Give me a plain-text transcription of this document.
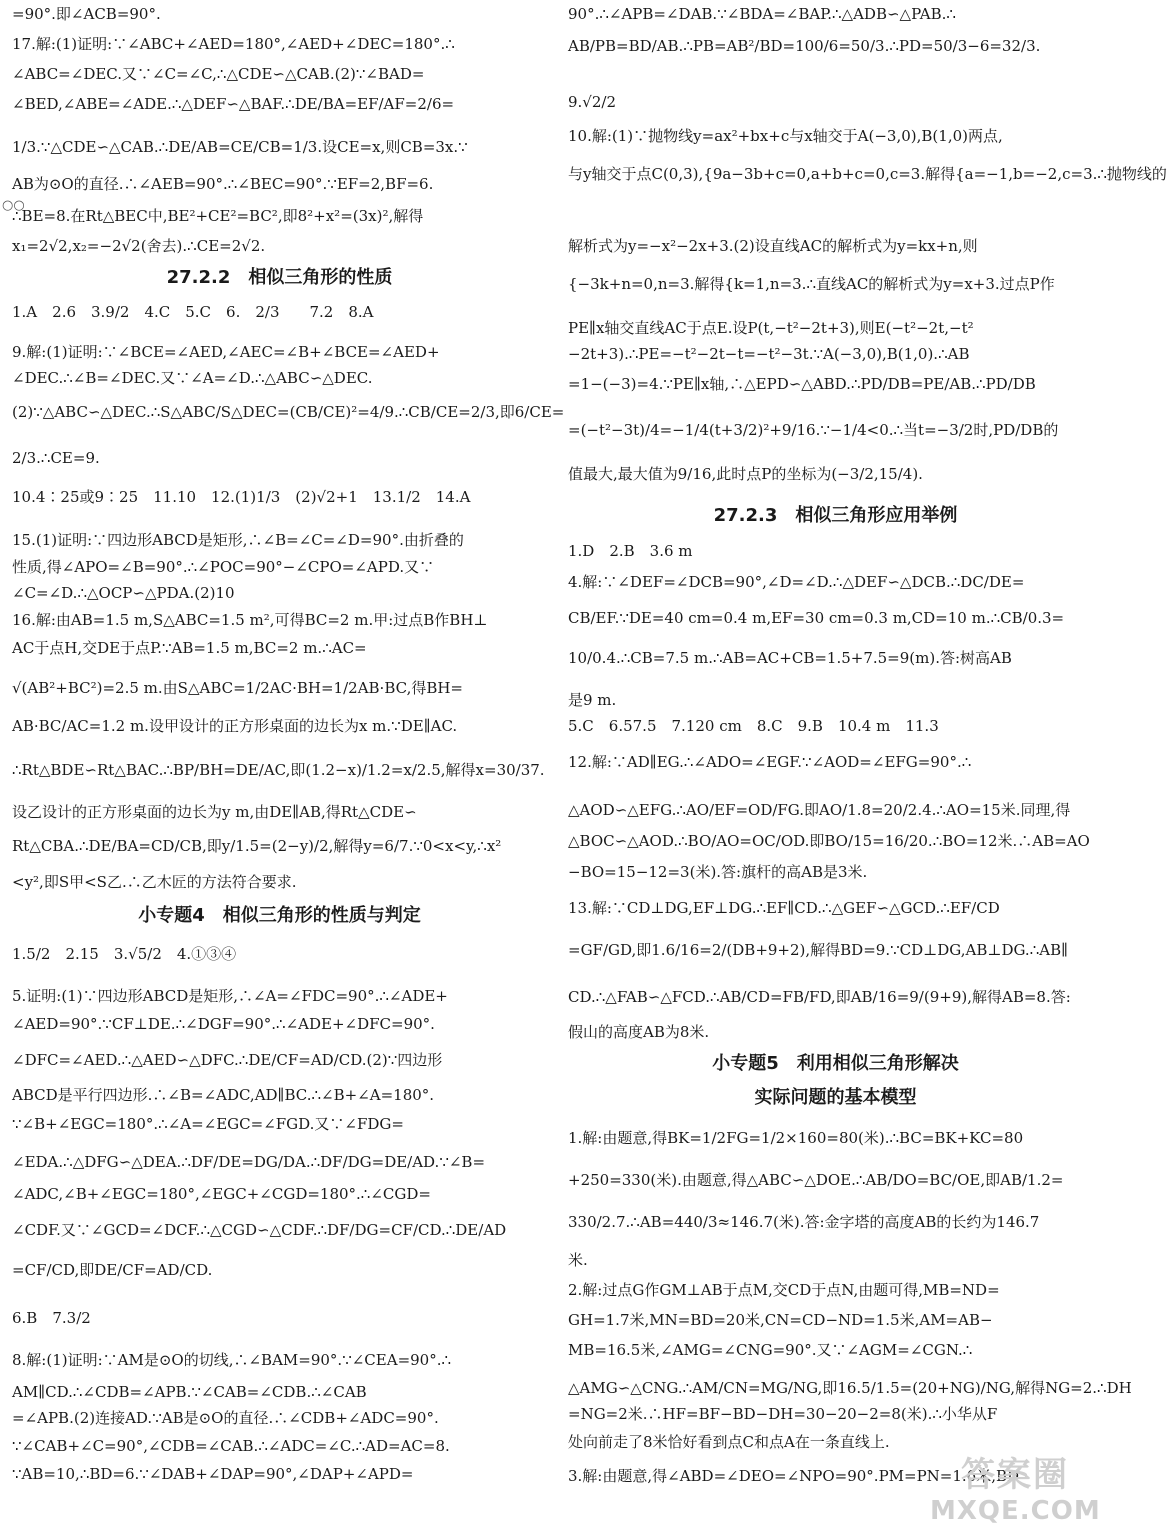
=90°.即∠ACB=90°.
17.解:(1)证明:∵∠ABC+∠AED=180°,∠AED+∠DEC=180°.∴
∠ABC=∠DEC.又∵∠C=∠C,∴△CDE∽△CAB.(2)∵∠BAD=
∠BED,∠ABE=∠ADE.∴△DEF∽△BAF.∴DE/BA=EF/AF=2/6=
1/3.∵△CDE∽△CAB.∴DE/AB=CE/CB=1/3.设CE=x,则CB=3x.∵
AB为⊙O的直径.∴∠AEB=90°.∴∠BEC=90°.∵EF=2,BF=6.
∴BE=8.在Rt△BEC中,BE²+CE²=BC²,即8²+x²=(3x)²,解得
x₁=2√2,x₂=−2√2(舍去).∴CE=2√2.
27.2.2　相似三角形的性质
1.A　2.6　3.9/2　4.C　5.C　6.　2/3　　7.2　8.A
9.解:(1)证明:∵∠BCE=∠AED,∠AEC=∠B+∠BCE=∠AED+
∠DEC.∴∠B=∠DEC.又∵∠A=∠D.∴△ABC∽△DEC.
(2)∵△ABC∽△DEC.∴S△ABC/S△DEC=(CB/CE)²=4/9.∴CB/CE=2/3,即6/CE=
2/3.∴CE=9.
10.4∶25或9∶25　11.10　12.(1)1/3　(2)√2+1　13.1/2　14.A
15.(1)证明:∵四边形ABCD是矩形,∴∠B=∠C=∠D=90°.由折叠的
性质,得∠APO=∠B=90°.∴∠POC=90°−∠CPO=∠APD.又∵
∠C=∠D.∴△OCP∽△PDA.(2)10
16.解:由AB=1.5 m,S△ABC=1.5 m²,可得BC=2 m.甲:过点B作BH⊥
AC于点H,交DE于点P.∵AB=1.5 m,BC=2 m.∴AC=
√(AB²+BC²)=2.5 m.由S△ABC=1/2AC·BH=1/2AB·BC,得BH=
AB·BC/AC=1.2 m.设甲设计的正方形桌面的边长为x m.∵DE∥AC.
∴Rt△BDE∽Rt△BAC.∴BP/BH=DE/AC,即(1.2−x)/1.2=x/2.5,解得x=30/37.
设乙设计的正方形桌面的边长为y m,由DE∥AB,得Rt△CDE∽
Rt△CBA.∴DE/BA=CD/CB,即y/1.5=(2−y)/2,解得y=6/7.∵0<x<y,∴x²
<y²,即S甲<S乙.∴乙木匠的方法符合要求.
小专题4　相似三角形的性质与判定
1.5/2　2.15　3.√5/2　4.①③④
5.证明:(1)∵四边形ABCD是矩形,∴∠A=∠FDC=90°.∴∠ADE+
∠AED=90°.∵CF⊥DE.∴∠DGF=90°.∴∠ADE+∠DFC=90°.
∠DFC=∠AED.∴△AED∽△DFC.∴DE/CF=AD/CD.(2)∵四边形
ABCD是平行四边形.∴∠B=∠ADC,AD∥BC.∴∠B+∠A=180°.
∵∠B+∠EGC=180°.∴∠A=∠EGC=∠FGD.又∵∠FDG=
∠EDA.∴△DFG∽△DEA.∴DF/DE=DG/DA.∴DF/DG=DE/AD.∵∠B=
∠ADC,∠B+∠EGC=180°,∠EGC+∠CGD=180°.∴∠CGD=
∠CDF.又∵∠GCD=∠DCF.∴△CGD∽△CDF.∴DF/DG=CF/CD.∴DE/AD
=CF/CD,即DE/CF=AD/CD.
6.B　7.3/2
8.解:(1)证明:∵AM是⊙O的切线,∴∠BAM=90°.∵∠CEA=90°.∴
AM∥CD.∴∠CDB=∠APB.∵∠CAB=∠CDB.∴∠CAB
=∠APB.(2)连接AD.∵AB是⊙O的直径.∴∠CDB+∠ADC=90°.
∵∠CAB+∠C=90°,∠CDB=∠CAB.∴∠ADC=∠C.∴AD=AC=8.
∵AB=10,∴BD=6.∵∠DAB+∠DAP=90°,∠DAP+∠APD=
90°.∴∠APB=∠DAB.∵∠BDA=∠BAP.∴△ADB∽△PAB.∴
AB/PB=BD/AB.∴PB=AB²/BD=100/6=50/3.∴PD=50/3−6=32/3.
9.√2/2
10.解:(1)∵抛物线y=ax²+bx+c与x轴交于A(−3,0),B(1,0)两点,
与y轴交于点C(0,3),{9a−3b+c=0,a+b+c=0,c=3.解得{a=−1,b=−2,c=3.∴抛物线的
解析式为y=−x²−2x+3.(2)设直线AC的解析式为y=kx+n,则
{−3k+n=0,n=3.解得{k=1,n=3.∴直线AC的解析式为y=x+3.过点P作
PE∥x轴交直线AC于点E.设P(t,−t²−2t+3),则E(−t²−2t,−t²
−2t+3).∴PE=−t²−2t−t=−t²−3t.∵A(−3,0),B(1,0).∴AB
=1−(−3)=4.∵PE∥x轴,∴△EPD∽△ABD.∴PD/DB=PE/AB.∴PD/DB
=(−t²−3t)/4=−1/4(t+3/2)²+9/16.∵−1/4<0.∴当t=−3/2时,PD/DB的
值最大,最大值为9/16,此时点P的坐标为(−3/2,15/4).
27.2.3　相似三角形应用举例
1.D　2.B　3.6 m
4.解:∵∠DEF=∠DCB=90°,∠D=∠D.∴△DEF∽△DCB.∴DC/DE=
CB/EF.∵DE=40 cm=0.4 m,EF=30 cm=0.3 m,CD=10 m.∴CB/0.3=
10/0.4.∴CB=7.5 m.∴AB=AC+CB=1.5+7.5=9(m).答:树高AB
是9 m.
5.C　6.57.5　7.120 cm　8.C　9.B　10.4 m　11.3
12.解:∵AD∥EG.∴∠ADO=∠EGF.∵∠AOD=∠EFG=90°.∴
△AOD∽△EFG.∴AO/EF=OD/FG.即AO/1.8=20/2.4.∴AO=15米.同理,得
△BOC∽△AOD.∴BO/AO=OC/OD.即BO/15=16/20.∴BO=12米.∴AB=AO
−BO=15−12=3(米).答:旗杆的高AB是3米.
13.解:∵CD⊥DG,EF⊥DG.∴EF∥CD.∴△GEF∽△GCD.∴EF/CD
=GF/GD,即1.6/16=2/(DB+9+2),解得BD=9.∵CD⊥DG,AB⊥DG.∴AB∥
CD.∴△FAB∽△FCD.∴AB/CD=FB/FD,即AB/16=9/(9+9),解得AB=8.答:
假山的高度AB为8米.
小专题5　利用相似三角形解决
实际问题的基本模型
1.解:由题意,得BK=1/2FG=1/2×160=80(米).∴BC=BK+KC=80
+250=330(米).由题意,得△ABC∽△DOE.∴AB/DO=BC/OE,即AB/1.2=
330/2.7.∴AB=440/3≈146.7(米).答:金字塔的高度AB的长约为146.7
米.
2.解:过点G作GM⊥AB于点M,交CD于点N,由题可得,MB=ND=
GH=1.7米,MN=BD=20米,CN=CD−ND=1.5米,AM=AB−
MB=16.5米,∠AMG=∠CNG=90°.又∵∠AGM=∠CGN.∴
△AMG∽△CNG.∴AM/CN=MG/NG,即16.5/1.5=(20+NG)/NG,解得NG=2.∴DH
=NG=2米.∴HF=BF−BD−DH=30−20−2=8(米).∴小华从F
处向前走了8米恰好看到点C和点A在一条直线上.
3.解:由题意,得∠ABD=∠DEO=∠NPO=90°.PM=PN=1.6米,BD
○○
答案圈
MXQE.COM
